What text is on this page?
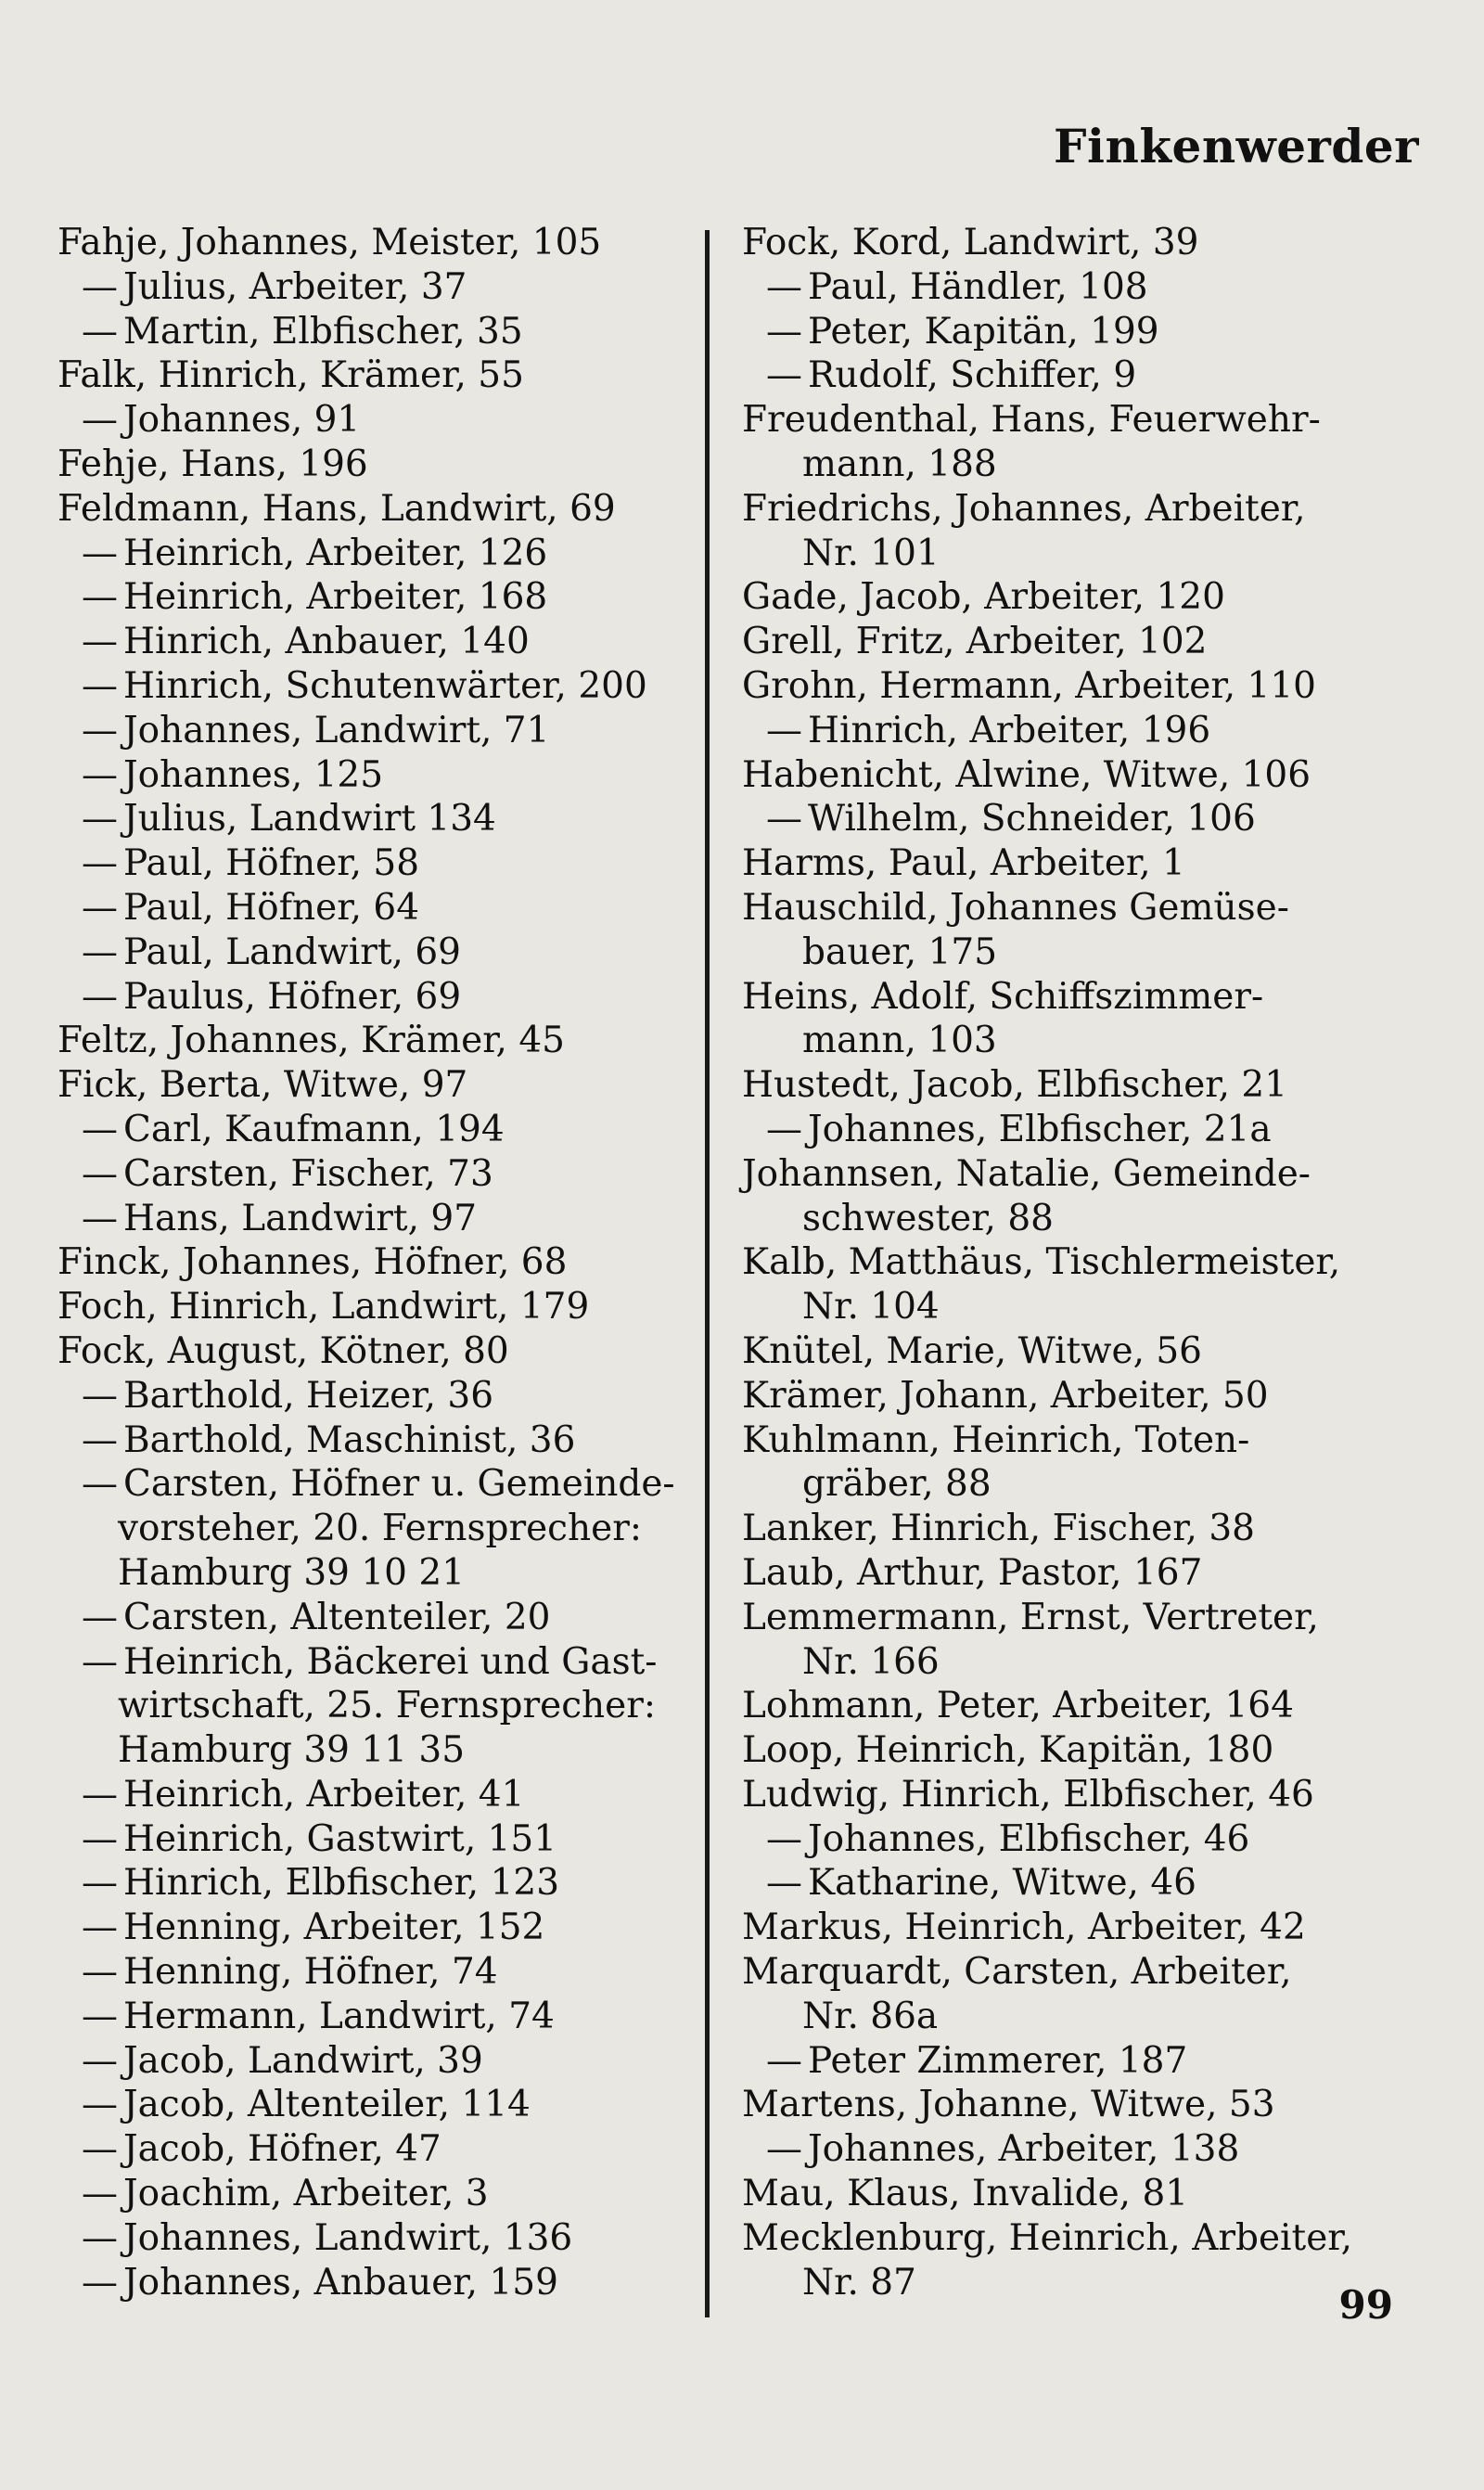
Finkenwerder
Fahje, Johannes, Meister, 105
— Julius, Arbeiter, 37
— Martin, Elbfischer, 35
Falk, Hinrich, Krämer, 55
— Johannes, 91
Fehje, Hans, 196
Feldmann, Hans, Landwirt, 69
— Heinrich, Arbeiter, 126
— Heinrich, Arbeiter, 168
— Hinrich, Anbauer, 140
— Hinrich, Schutenwärter, 200
— Johannes, Landwirt, 71
— Johannes, 125
— Julius, Landwirt 134
— Paul, Höfner, 58
— Paul, Höfner, 64
— Paul, Landwirt, 69
— Paulus, Höfner, 69
Feltz, Johannes, Krämer, 45
Fick, Berta, Witwe, 97
— Carl, Kaufmann, 194
— Carsten, Fischer, 73
— Hans, Landwirt, 97
Finck, Johannes, Höfner, 68
Foch, Hinrich, Landwirt, 179
Fock, August, Kötner, 80
— Barthold, Heizer, 36
— Barthold, Maschinist, 36
— Carsten, Höfner u. Gemeinde-
vorsteher, 20. Fernsprecher:
Hamburg 39 10 21
— Carsten, Altenteiler, 20
— Heinrich, Bäckerei und Gast-
wirtschaft, 25. Fernsprecher:
Hamburg 39 11 35
— Heinrich, Arbeiter, 41
— Heinrich, Gastwirt, 151
— Hinrich, Elbfischer, 123
— Henning, Arbeiter, 152
— Henning, Höfner, 74
— Hermann, Landwirt, 74
— Jacob, Landwirt, 39
— Jacob, Altenteiler, 114
— Jacob, Höfner, 47
— Joachim, Arbeiter, 3
— Johannes, Landwirt, 136
— Johannes, Anbauer, 159
Fock, Kord, Landwirt, 39
— Paul, Händler, 108
— Peter, Kapitän, 199
— Rudolf, Schiffer, 9
Freudenthal, Hans, Feuerwehr-
mann, 188
Friedrichs, Johannes, Arbeiter,
Nr. 101
Gade, Jacob, Arbeiter, 120
Grell, Fritz, Arbeiter, 102
Grohn, Hermann, Arbeiter, 110
— Hinrich, Arbeiter, 196
Habenicht, Alwine, Witwe, 106
— Wilhelm, Schneider, 106
Harms, Paul, Arbeiter, 1
Hauschild, Johannes Gemüse-
bauer, 175
Heins, Adolf, Schiffszimmer-
mann, 103
Hustedt, Jacob, Elbfischer, 21
— Johannes, Elbfischer, 21a
Johannsen, Natalie, Gemeinde-
schwester, 88
Kalb, Matthäus, Tischlermeister,
Nr. 104
Knütel, Marie, Witwe, 56
Krämer, Johann, Arbeiter, 50
Kuhlmann, Heinrich, Toten-
gräber, 88
Lanker, Hinrich, Fischer, 38
Laub, Arthur, Pastor, 167
Lemmermann, Ernst, Vertreter,
Nr. 166
Lohmann, Peter, Arbeiter, 164
Loop, Heinrich, Kapitän, 180
Ludwig, Hinrich, Elbfischer, 46
— Johannes, Elbfischer, 46
— Katharine, Witwe, 46
Markus, Heinrich, Arbeiter, 42
Marquardt, Carsten, Arbeiter,
Nr. 86a
— Peter Zimmerer, 187
Martens, Johanne, Witwe, 53
— Johannes, Arbeiter, 138
Mau, Klaus, Invalide, 81
Mecklenburg, Heinrich, Arbeiter,
Nr. 87	99
